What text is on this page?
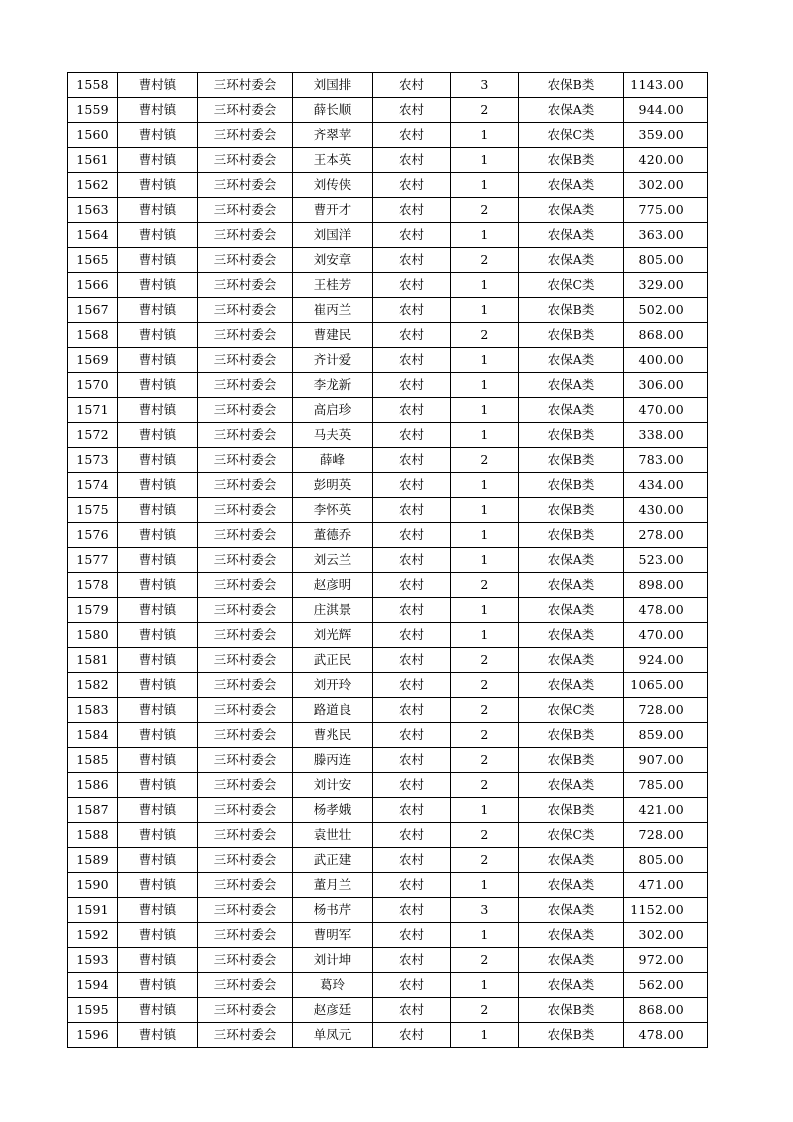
1558	曹村镇	三环村委会	刘国排	农村	3	农保B类	1143.00
1559	曹村镇	三环村委会	薛长顺	农村	2	农保A类	944.00
1560	曹村镇	三环村委会	齐翠苹	农村	1	农保C类	359.00
1561	曹村镇	三环村委会	王本英	农村	1	农保B类	420.00
1562	曹村镇	三环村委会	刘传侠	农村	1	农保A类	302.00
1563	曹村镇	三环村委会	曹开才	农村	2	农保A类	775.00
1564	曹村镇	三环村委会	刘国洋	农村	1	农保A类	363.00
1565	曹村镇	三环村委会	刘安章	农村	2	农保A类	805.00
1566	曹村镇	三环村委会	王桂芳	农村	1	农保C类	329.00
1567	曹村镇	三环村委会	崔丙兰	农村	1	农保B类	502.00
1568	曹村镇	三环村委会	曹建民	农村	2	农保B类	868.00
1569	曹村镇	三环村委会	齐计爱	农村	1	农保A类	400.00
1570	曹村镇	三环村委会	李龙新	农村	1	农保A类	306.00
1571	曹村镇	三环村委会	高启珍	农村	1	农保A类	470.00
1572	曹村镇	三环村委会	马夫英	农村	1	农保B类	338.00
1573	曹村镇	三环村委会	薛峰	农村	2	农保B类	783.00
1574	曹村镇	三环村委会	彭明英	农村	1	农保B类	434.00
1575	曹村镇	三环村委会	李怀英	农村	1	农保B类	430.00
1576	曹村镇	三环村委会	董德乔	农村	1	农保B类	278.00
1577	曹村镇	三环村委会	刘云兰	农村	1	农保A类	523.00
1578	曹村镇	三环村委会	赵彦明	农村	2	农保A类	898.00
1579	曹村镇	三环村委会	庄淇景	农村	1	农保A类	478.00
1580	曹村镇	三环村委会	刘光辉	农村	1	农保A类	470.00
1581	曹村镇	三环村委会	武正民	农村	2	农保A类	924.00
1582	曹村镇	三环村委会	刘开玲	农村	2	农保A类	1065.00
1583	曹村镇	三环村委会	路道良	农村	2	农保C类	728.00
1584	曹村镇	三环村委会	曹兆民	农村	2	农保B类	859.00
1585	曹村镇	三环村委会	滕丙连	农村	2	农保B类	907.00
1586	曹村镇	三环村委会	刘计安	农村	2	农保A类	785.00
1587	曹村镇	三环村委会	杨孝娥	农村	1	农保B类	421.00
1588	曹村镇	三环村委会	袁世壮	农村	2	农保C类	728.00
1589	曹村镇	三环村委会	武正建	农村	2	农保A类	805.00
1590	曹村镇	三环村委会	董月兰	农村	1	农保A类	471.00
1591	曹村镇	三环村委会	杨书芹	农村	3	农保A类	1152.00
1592	曹村镇	三环村委会	曹明军	农村	1	农保A类	302.00
1593	曹村镇	三环村委会	刘计坤	农村	2	农保A类	972.00
1594	曹村镇	三环村委会	葛玲	农村	1	农保A类	562.00
1595	曹村镇	三环村委会	赵彦廷	农村	2	农保B类	868.00
1596	曹村镇	三环村委会	单凤元	农村	1	农保B类	478.00
